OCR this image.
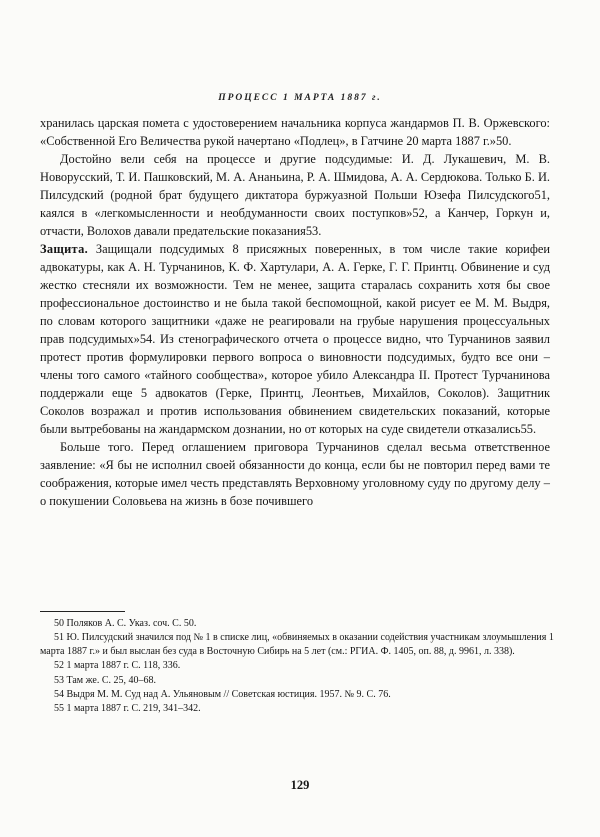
ПРОЦЕСС 1 МАРТА 1887 г.

хранилась царская помета с удостоверением начальника корпуса жандармов П. В. Оржевского: «Собственной Его Величества рукой начертано «Подлец», в Гатчине 20 марта 1887 г.»50.

Достойно вели себя на процессе и другие подсудимые: И. Д. Лукашевич, М. В. Новорусский, Т. И. Пашковский, М. А. Ананьина, Р. А. Шмидова, А. А. Сердюкова. Только Б. И. Пилсудский (родной брат будущего диктатора буржуазной Польши Юзефа Пилсудского51, каялся в «легкомысленности и необдуманности своих поступков»52, а Канчер, Горкун и, отчасти, Волохов давали предательские показания53.

Защита. Защищали подсудимых 8 присяжных поверенных, в том числе такие корифеи адвокатуры, как А. Н. Турчанинов, К. Ф. Хартулари, А. А. Герке, Г. Г. Принтц. Обвинение и суд жестко стесняли их возможности. Тем не менее, защита старалась сохранить хотя бы свое профессиональное достоинство и не была такой беспомощной, какой рисует ее М. М. Выдря, по словам которого защитники «даже не реагировали на грубые нарушения процессуальных прав подсудимых»54. Из стенографического отчета о процессе видно, что Турчанинов заявил протест против формулировки первого вопроса о виновности подсудимых, будто все они – члены того самого «тайного сообщества», которое убило Александра II. Протест Турчанинова поддержали еще 5 адвокатов (Герке, Принтц, Леонтьев, Михайлов, Соколов). Защитник Соколов возражал и против использования обвинением свидетельских показаний, которые были вытребованы на жандармском дознании, но от которых на суде свидетели отказались55.

Больше того. Перед оглашением приговора Турчанинов сделал весьма ответственное заявление: «Я бы не исполнил своей обязанности до конца, если бы не повторил перед вами те соображения, которые имел честь представлять Верховному уголовному суду по другому делу – о покушении Соловьева на жизнь в бозе почившего

50 Поляков А. С. Указ. соч. С. 50.

51 Ю. Пилсудский значился под № 1 в списке лиц, «обвиняемых в оказании содействия участникам злоумышления 1 марта 1887 г.» и был выслан без суда в Восточную Сибирь на 5 лет (см.: РГИА. Ф. 1405, оп. 88, д. 9961, л. 338).

52 1 марта 1887 г. С. 118, 336.

53 Там же. С. 25, 40–68.

54 Выдря М. М. Суд над А. Ульяновым // Советская юстиция. 1957. № 9. С. 76.

55 1 марта 1887 г. С. 219, 341–342.

129
